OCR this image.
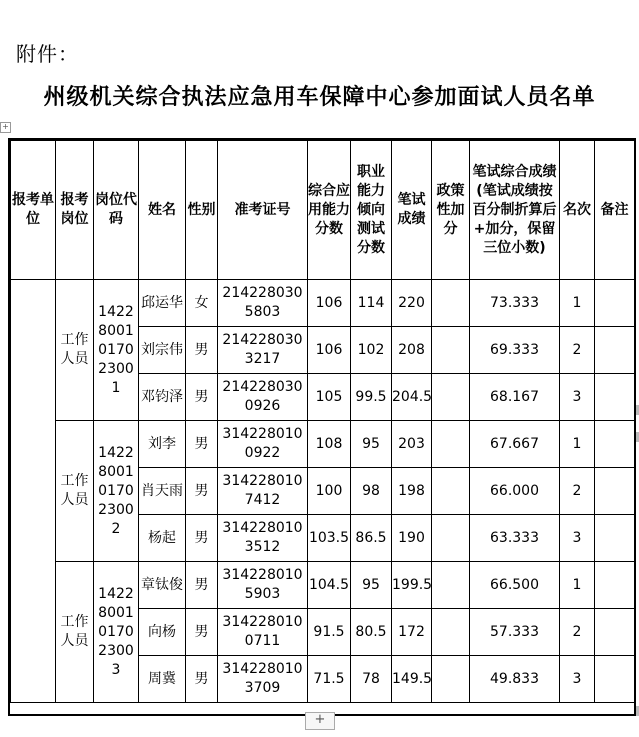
附件：
州级机关综合执法应急用车保障中心参加面试人员名单
+
报考单位	报考岗位	岗位代码	姓名	性别	准考证号	综合应用能力分数	职业能力倾向测试分数	笔试成绩	政策性加分	笔试综合成绩(笔试成绩按百分制折算后+加分，保留三位小数)	名次	备注
	工作人员	1422800101702300 1	邱运华	女	2142280305803	106	114	220		73.333	1	
			刘宗伟	男	2142280303217	106	102	208		69.333	2	
			邓钧泽	男	2142280300926	105	99.5	204.5		68.167	3	
	工作人员	1422800101702300 2	刘李	男	3142280100922	108	95	203		67.667	1	
			肖天雨	男	3142280107412	100	98	198		66.000	2	
			杨起	男	3142280103512	103.5	86.5	190		63.333	3	
	工作人员	1422800101702300 3	章钛俊	男	3142280105903	104.5	95	199.5		66.500	1	
			向杨	男	3142280100711	91.5	80.5	172		57.333	2	
			周冀	男	3142280103709	71.5	78	149.5		49.833	3	
+
